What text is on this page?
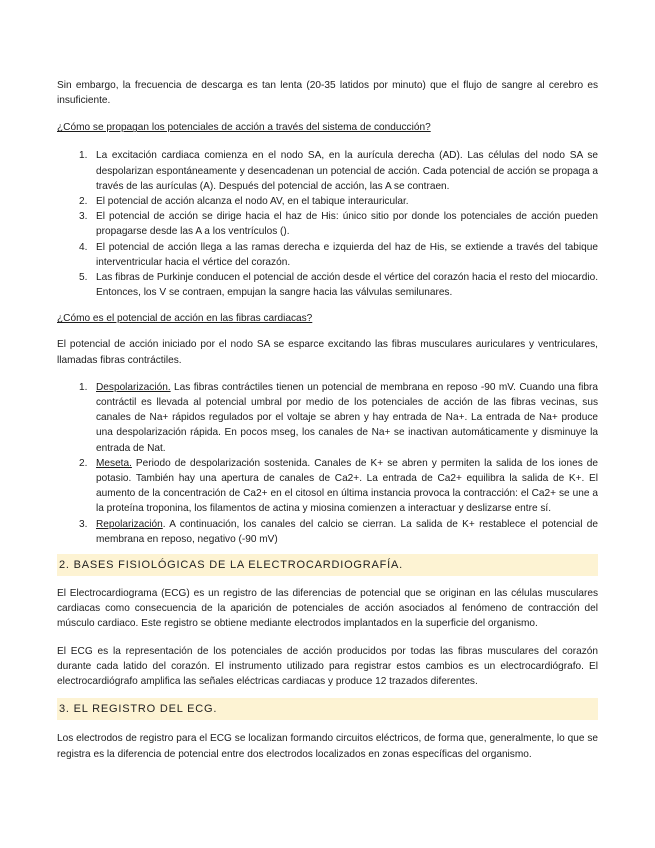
Sin embargo, la frecuencia de descarga es tan lenta (20-35 latidos por minuto) que el flujo de sangre al cerebro es insuficiente.

¿Cómo se propagan los potenciales de acción a través del sistema de conducción?
1. La excitación cardiaca comienza en el nodo SA, en la aurícula derecha (AD). Las células del nodo SA se despolarizan espontáneamente y desencadenan un potencial de acción. Cada potencial de acción se propaga a través de las aurículas (A). Después del potencial de acción, las A se contraen.
2. El potencial de acción alcanza el nodo AV, en el tabique interauricular.
3. El potencial de acción se dirige hacia el haz de His: único sitio por donde los potenciales de acción pueden propagarse desde las A a los ventrículos ().
4. El potencial de acción llega a las ramas derecha e izquierda del haz de His, se extiende a través del tabique interventricular hacia el vértice del corazón.
5. Las fibras de Purkinje conducen el potencial de acción desde el vértice del corazón hacia el resto del miocardio. Entonces, los V se contraen, empujan la sangre hacia las válvulas semilunares.
¿Cómo es el potencial de acción en las fibras cardiacas?

El potencial de acción iniciado por el nodo SA se esparce excitando las fibras musculares auriculares y ventriculares, llamadas fibras contráctiles.

1. Despolarización. Las fibras contráctiles tienen un potencial de membrana en reposo -90 mV. Cuando una fibra contráctil es llevada al potencial umbral por medio de los potenciales de acción de las fibras vecinas, sus canales de Na+ rápidos regulados por el voltaje se abren y hay entrada de Na+. La entrada de Na+ produce una despolarización rápida. En pocos mseg, los canales de Na+ se inactivan automáticamente y disminuye la entrada de Nat.
2. Meseta. Periodo de despolarización sostenida. Canales de K+ se abren y permiten la salida de los iones de potasio. También hay una apertura de canales de Ca2+. La entrada de Ca2+ equilibra la salida de K+. El aumento de la concentración de Ca2+ en el citosol en última instancia provoca la contracción: el Ca2+ se une a la proteína troponina, los filamentos de actina y miosina comienzen a interactuar y deslizarse entre sí.
3. Repolarización. A continuación, los canales del calcio se cierran. La salida de K+ restablece el potencial de membrana en reposo, negativo (-90 mV)
2. BASES FISIOLÓGICAS DE LA ELECTROCARDIOGRAFÍA.

El Electrocardiograma (ECG) es un registro de las diferencias de potencial que se originan en las células musculares cardiacas como consecuencia de la aparición de potenciales de acción asociados al fenómeno de contracción del músculo cardiaco. Este registro se obtiene mediante electrodos implantados en la superficie del organismo.

El ECG es la representación de los potenciales de acción producidos por todas las fibras musculares del corazón durante cada latido del corazón. El instrumento utilizado para registrar estos cambios es un electrocardiógrafo. El electrocardiógrafo amplifica las señales eléctricas cardiacas y produce 12 trazados diferentes.

3. EL REGISTRO DEL ECG.

Los electrodos de registro para el ECG se localizan formando circuitos eléctricos, de forma que, generalmente, lo que se registra es la diferencia de potencial entre dos electrodos localizados en zonas específicas del organismo.
